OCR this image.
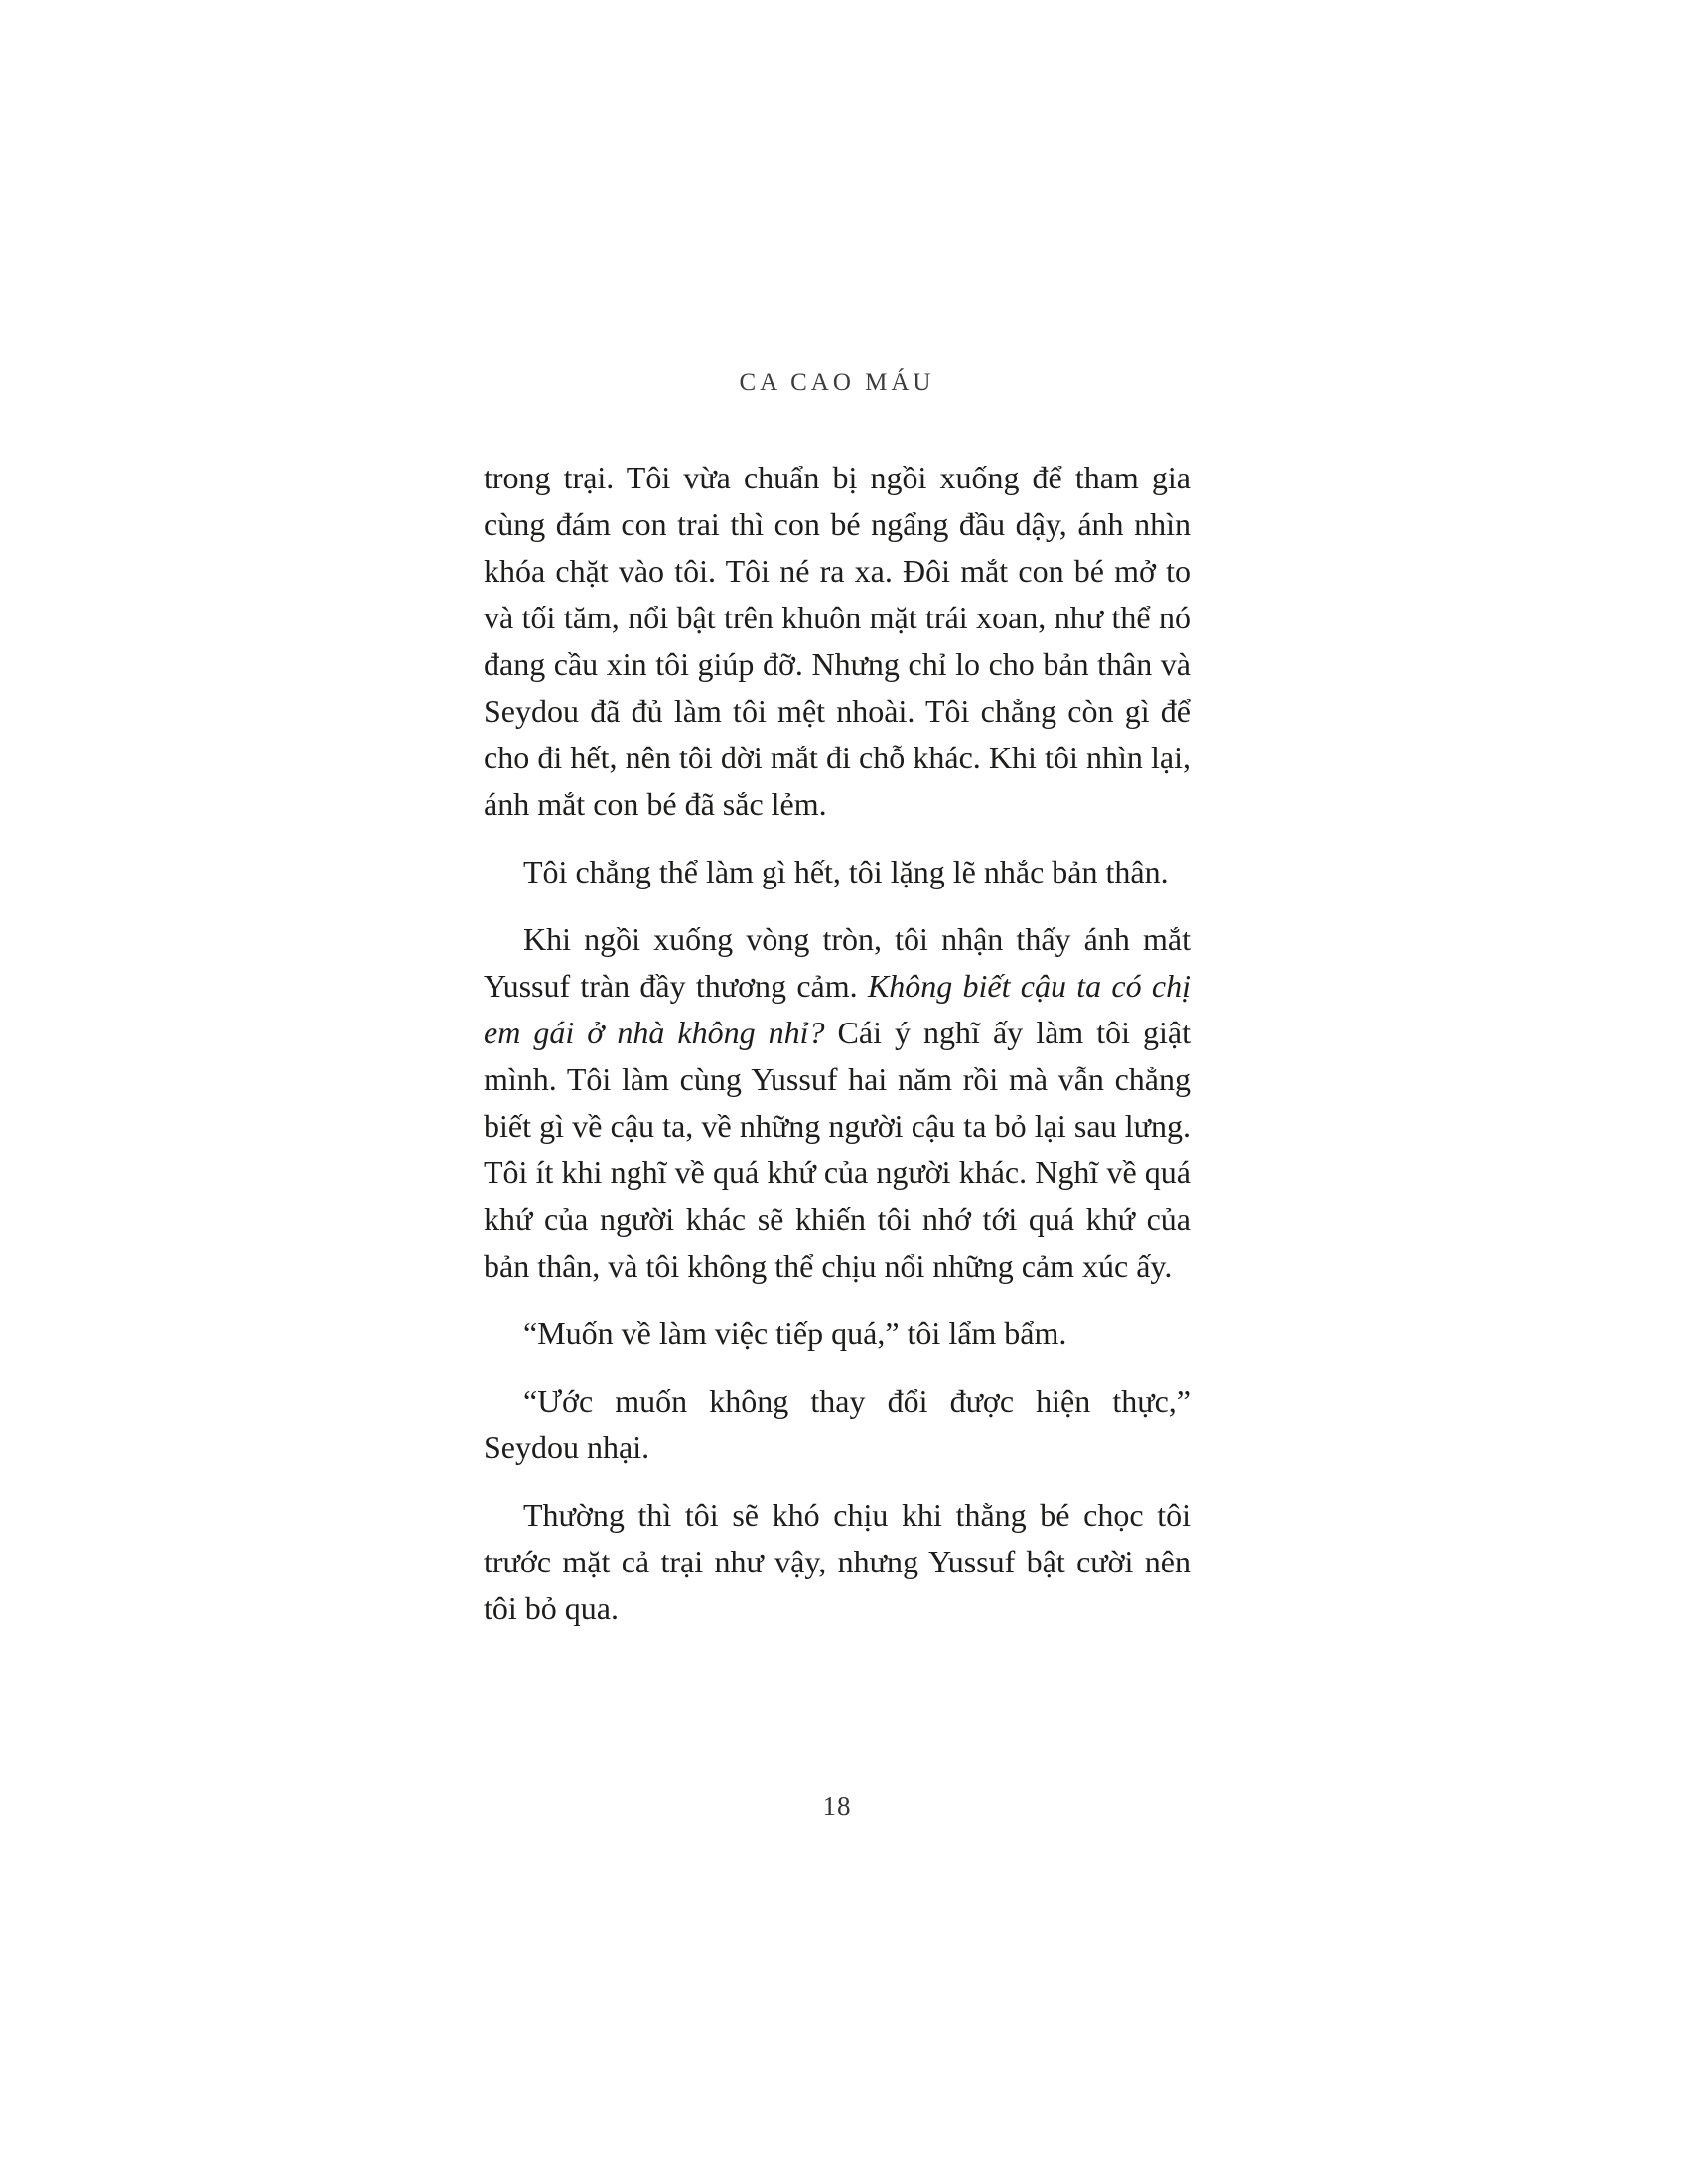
CA CAO MÁU

trong trại. Tôi vừa chuẩn bị ngồi xuống để tham gia cùng đám con trai thì con bé ngẩng đầu dậy, ánh nhìn khóa chặt vào tôi. Tôi né ra xa. Đôi mắt con bé mở to và tối tăm, nổi bật trên khuôn mặt trái xoan, như thể nó đang cầu xin tôi giúp đỡ. Nhưng chỉ lo cho bản thân và Seydou đã đủ làm tôi mệt nhoài. Tôi chẳng còn gì để cho đi hết, nên tôi dời mắt đi chỗ khác. Khi tôi nhìn lại, ánh mắt con bé đã sắc lẻm.

Tôi chẳng thể làm gì hết, tôi lặng lẽ nhắc bản thân.

Khi ngồi xuống vòng tròn, tôi nhận thấy ánh mắt Yussuf tràn đầy thương cảm. Không biết cậu ta có chị em gái ở nhà không nhỉ? Cái ý nghĩ ấy làm tôi giật mình. Tôi làm cùng Yussuf hai năm rồi mà vẫn chẳng biết gì về cậu ta, về những người cậu ta bỏ lại sau lưng. Tôi ít khi nghĩ về quá khứ của người khác. Nghĩ về quá khứ của người khác sẽ khiến tôi nhớ tới quá khứ của bản thân, và tôi không thể chịu nổi những cảm xúc ấy.

“Muốn về làm việc tiếp quá,” tôi lẩm bẩm.

“Ước muốn không thay đổi được hiện thực,” Seydou nhại.

Thường thì tôi sẽ khó chịu khi thằng bé chọc tôi trước mặt cả trại như vậy, nhưng Yussuf bật cười nên tôi bỏ qua.

18
